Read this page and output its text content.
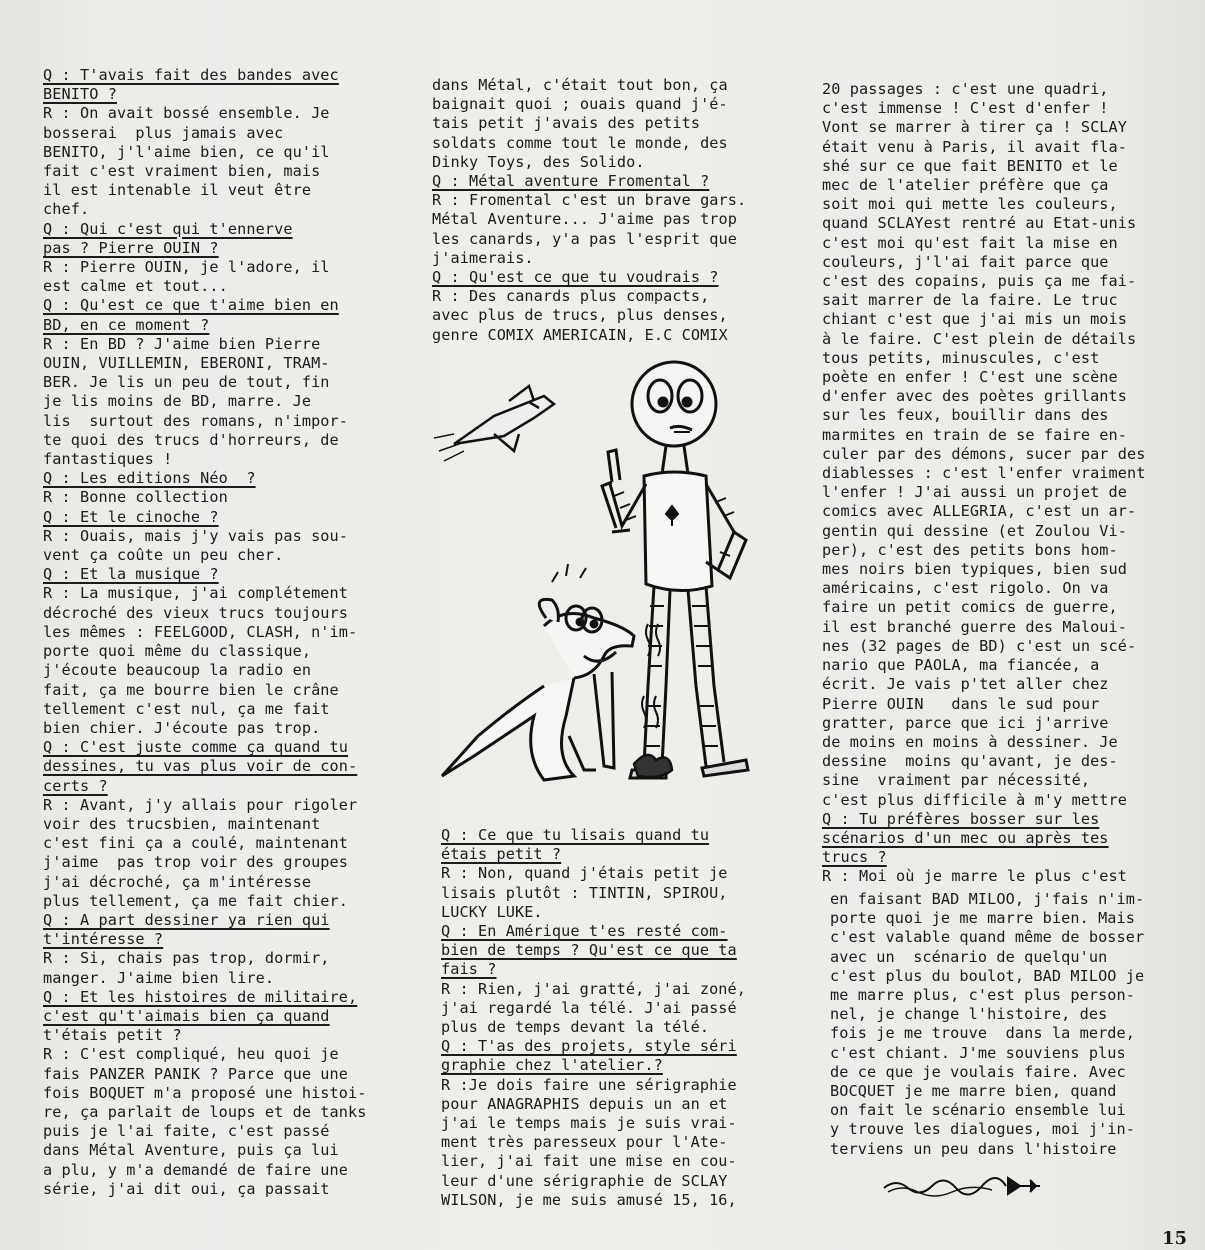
Q : T'avais fait des bandes avec
BENITO ?
R : On avait bossé ensemble. Je
bosserai  plus jamais avec
BENITO, j'l'aime bien, ce qu'il
fait c'est vraiment bien, mais
il est intenable il veut être
chef.
Q : Qui c'est qui t'ennerve
pas ? Pierre OUIN ?
R : Pierre OUIN, je l'adore, il
est calme et tout...
Q : Qu'est ce que t'aime bien en
BD, en ce moment ?
R : En BD ? J'aime bien Pierre
OUIN, VUILLEMIN, EBERONI, TRAM-
BER. Je lis un peu de tout, fin
je lis moins de BD, marre. Je
lis  surtout des romans, n'impor-
te quoi des trucs d'horreurs, de
fantastiques !
Q : Les editions Néo  ?
R : Bonne collection
Q : Et le cinoche ?
R : Ouais, mais j'y vais pas sou-
vent ça coûte un peu cher.
Q : Et la musique ?
R : La musique, j'ai complétement
décroché des vieux trucs toujours
les mêmes : FEELGOOD, CLASH, n'im-
porte quoi même du classique,
j'écoute beaucoup la radio en
fait, ça me bourre bien le crâne
tellement c'est nul, ça me fait
bien chier. J'écoute pas trop.
Q : C'est juste comme ça quand tu
dessines, tu vas plus voir de con-
certs ?
R : Avant, j'y allais pour rigoler
voir des trucsbien, maintenant
c'est fini ça a coulé, maintenant
j'aime  pas trop voir des groupes
j'ai décroché, ça m'intéresse
plus tellement, ça me fait chier.
Q : A part dessiner ya rien qui
t'intéresse ?
R : Si, chais pas trop, dormir,
manger. J'aime bien lire.
Q : Et les histoires de militaire,
c'est qu't'aimais bien ça quand
t'étais petit ?
R : C'est compliqué, heu quoi je
fais PANZER PANIK ? Parce que une
fois BOQUET m'a proposé une histoi-
re, ça parlait de loups et de tanks
puis je l'ai faite, c'est passé
dans Métal Aventure, puis ça lui
a plu, y m'a demandé de faire une
série, j'ai dit oui, ça passait
dans Métal, c'était tout bon, ça
baignait quoi ; ouais quand j'é-
tais petit j'avais des petits
soldats comme tout le monde, des
Dinky Toys, des Solido.
Q : Métal aventure Fromental ?
R : Fromental c'est un brave gars.
Métal Aventure... J'aime pas trop
les canards, y'a pas l'esprit que
j'aimerais.
Q : Qu'est ce que tu voudrais ?
R : Des canards plus compacts,
avec plus de trucs, plus denses,
genre COMIX AMERICAIN, E.C COMIX
Q : Ce que tu lisais quand tu
étais petit ?
R : Non, quand j'étais petit je
lisais plutôt : TINTIN, SPIROU,
LUCKY LUKE.
Q : En Amérique t'es resté com-
bien de temps ? Qu'est ce que ta
fais ?
R : Rien, j'ai gratté, j'ai zoné,
j'ai regardé la télé. J'ai passé
plus de temps devant la télé.
Q : T'as des projets, style séri
graphie chez l'atelier.?
R :Je dois faire une sérigraphie
pour ANAGRAPHIS depuis un an et
j'ai le temps mais je suis vrai-
ment très paresseux pour l'Ate-
lier, j'ai fait une mise en cou-
leur d'une sérigraphie de SCLAY
WILSON, je me suis amusé 15, 16,
20 passages : c'est une quadri,
c'est immense ! C'est d'enfer !
Vont se marrer à tirer ça ! SCLAY
était venu à Paris, il avait fla-
shé sur ce que fait BENITO et le
mec de l'atelier préfère que ça
soit moi qui mette les couleurs,
quand SCLAYest rentré au Etat-unis
c'est moi qu'est fait la mise en
couleurs, j'l'ai fait parce que
c'est des copains, puis ça me fai-
sait marrer de la faire. Le truc
chiant c'est que j'ai mis un mois
à le faire. C'est plein de détails
tous petits, minuscules, c'est
poète en enfer ! C'est une scène
d'enfer avec des poètes grillants
sur les feux, bouillir dans des
marmites en train de se faire en-
culer par des démons, sucer par des
diablesses : c'est l'enfer vraiment
l'enfer ! J'ai aussi un projet de
comics avec ALLEGRIA, c'est un ar-
gentin qui dessine (et Zoulou Vi-
per), c'est des petits bons hom-
mes noirs bien typiques, bien sud
américains, c'est rigolo. On va
faire un petit comics de guerre,
il est branché guerre des Maloui-
nes (32 pages de BD) c'est un scé-
nario que PAOLA, ma fiancée, a
écrit. Je vais p'tet aller chez
Pierre OUIN   dans le sud pour
gratter, parce que ici j'arrive
de moins en moins à dessiner. Je
dessine  moins qu'avant, je des-
sine  vraiment par nécessité,
c'est plus difficile à m'y mettre
Q : Tu préfères bosser sur les
scénarios d'un mec ou après tes
trucs ?
R : Moi où je marre le plus c'est
en faisant BAD MILOO, j'fais n'im-
porte quoi je me marre bien. Mais
c'est valable quand même de bosser
avec un  scénario de quelqu'un
c'est plus du boulot, BAD MILOO je
me marre plus, c'est plus person-
nel, je change l'histoire, des
fois je me trouve  dans la merde,
c'est chiant. J'me souviens plus
de ce que je voulais faire. Avec
BOCQUET je me marre bien, quand
on fait le scénario ensemble lui
y trouve les dialogues, moi j'in-
terviens un peu dans l'histoire
15
